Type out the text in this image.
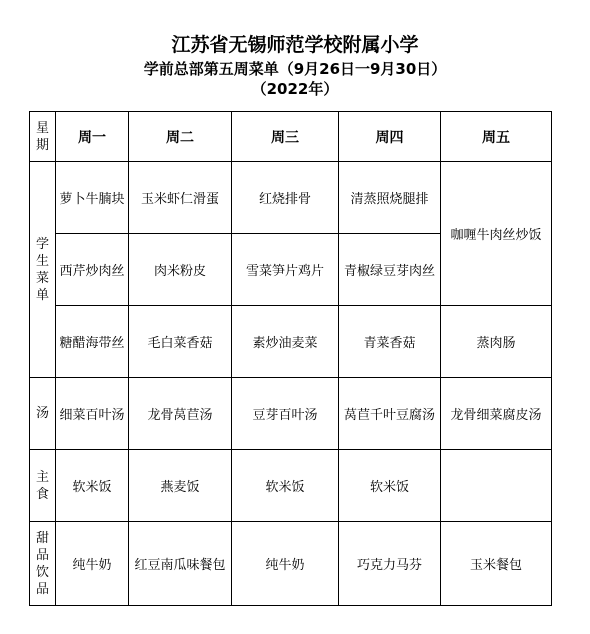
江苏省无锡师范学校附属小学
学前总部第五周菜单（9月26日一9月30日）
（2022年）
星
期	周一	周二	周三	周四	周五

学
生
菜
单	萝卜牛腩块	玉米虾仁滑蛋	红烧排骨	清蒸照烧腿排	咖喱牛肉丝炒饭
	西芹炒肉丝	肉米粉皮	雪菜笋片鸡片	青椒绿豆芽肉丝	
	糖醋海带丝	毛白菜香菇	素炒油麦菜	青菜香菇	蒸肉肠

汤	细菜百叶汤	龙骨莴苣汤	豆芽百叶汤	莴苣千叶豆腐汤	龙骨细菜腐皮汤

主
食	软米饭	燕麦饭	软米饭	软米饭	

甜
品
饮
品	纯牛奶	红豆南瓜味餐包	纯牛奶	巧克力马芬	玉米餐包
